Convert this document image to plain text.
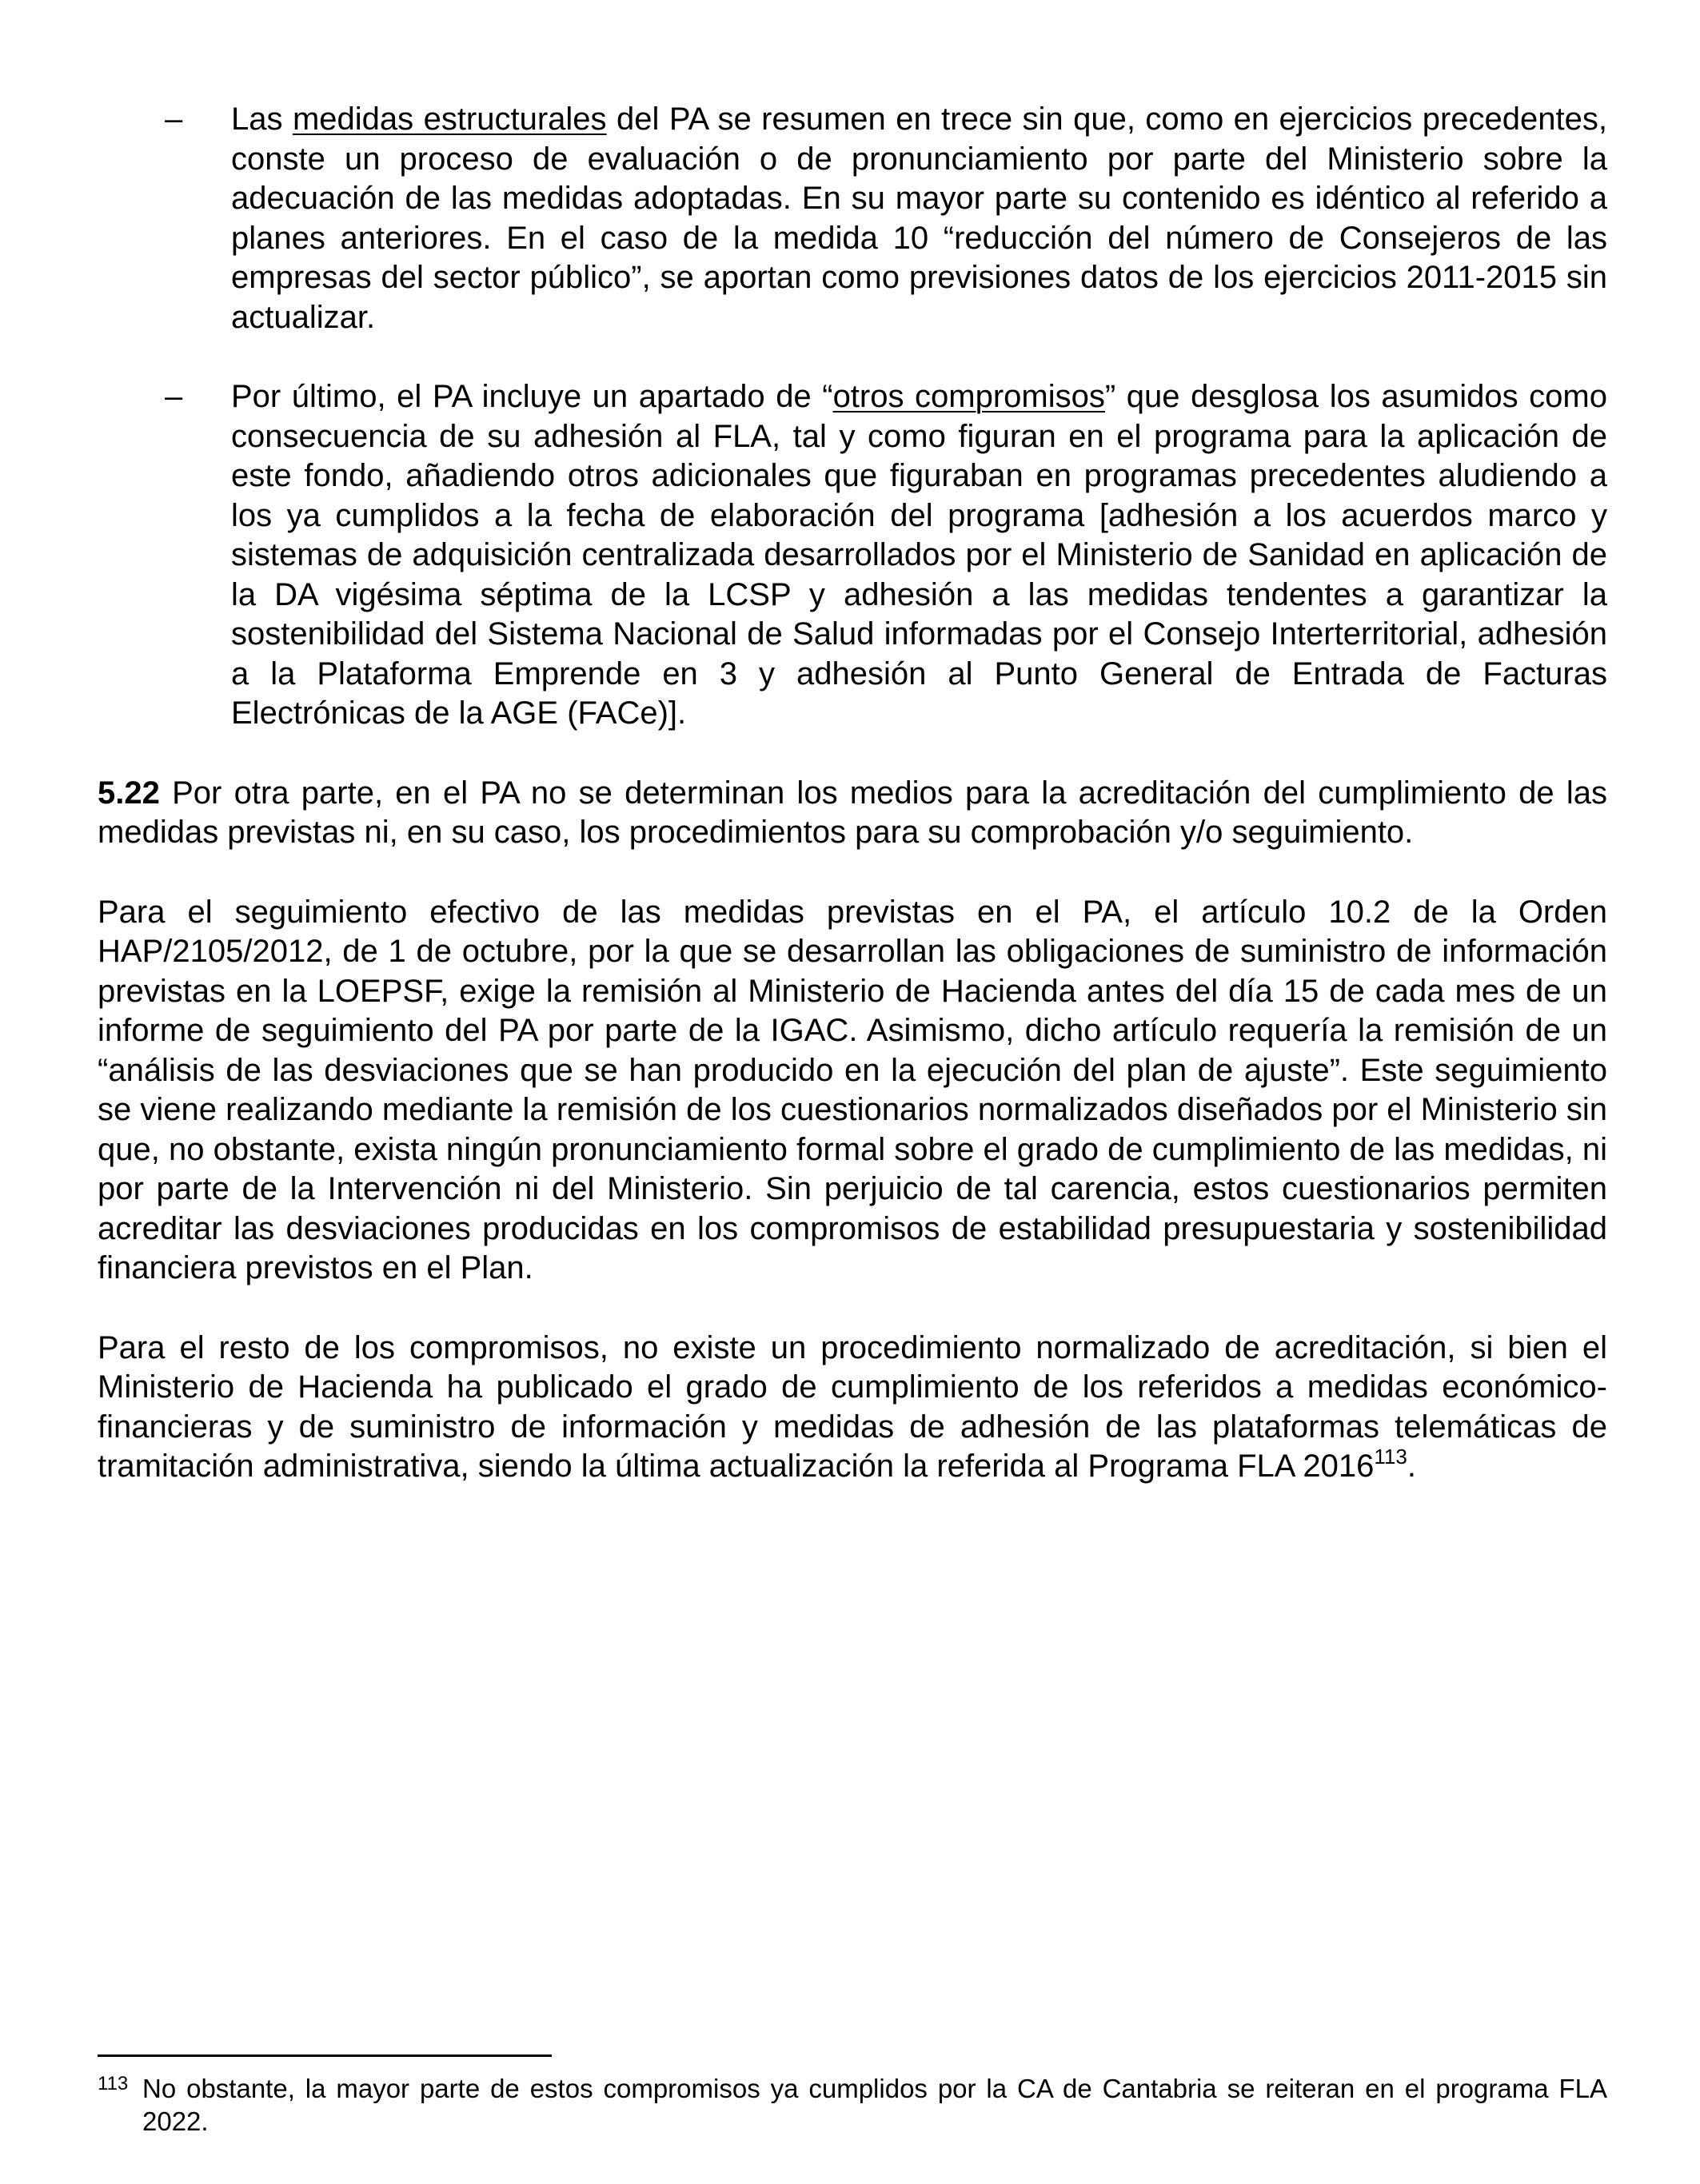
–	Las medidas estructurales del PA se resumen en trece sin que, como en ejercicios precedentes, conste un proceso de evaluación o de pronunciamiento por parte del Ministerio sobre la adecuación de las medidas adoptadas. En su mayor parte su contenido es idéntico al referido a planes anteriores. En el caso de la medida 10 “reducción del número de Consejeros de las empresas del sector público”, se aportan como previsiones datos de los ejercicios 2011-2015 sin actualizar.

–	Por último, el PA incluye un apartado de “otros compromisos” que desglosa los asumidos como consecuencia de su adhesión al FLA, tal y como figuran en el programa para la aplicación de este fondo, añadiendo otros adicionales que figuraban en programas precedentes aludiendo a los ya cumplidos a la fecha de elaboración del programa [adhesión a los acuerdos marco y sistemas de adquisición centralizada desarrollados por el Ministerio de Sanidad en aplicación de la DA vigésima séptima de la LCSP y adhesión a las medidas tendentes a garantizar la sostenibilidad del Sistema Nacional de Salud informadas por el Consejo Interterritorial, adhesión a la Plataforma Emprende en 3 y adhesión al Punto General de Entrada de Facturas Electrónicas de la AGE (FACe)].

5.22 Por otra parte, en el PA no se determinan los medios para la acreditación del cumplimiento de las medidas previstas ni, en su caso, los procedimientos para su comprobación y/o seguimiento.

Para el seguimiento efectivo de las medidas previstas en el PA, el artículo 10.2 de la Orden HAP/2105/2012, de 1 de octubre, por la que se desarrollan las obligaciones de suministro de información previstas en la LOEPSF, exige la remisión al Ministerio de Hacienda antes del día 15 de cada mes de un informe de seguimiento del PA por parte de la IGAC. Asimismo, dicho artículo requería la remisión de un “análisis de las desviaciones que se han producido en la ejecución del plan de ajuste”. Este seguimiento se viene realizando mediante la remisión de los cuestionarios normalizados diseñados por el Ministerio sin que, no obstante, exista ningún pronunciamiento formal sobre el grado de cumplimiento de las medidas, ni por parte de la Intervención ni del Ministerio. Sin perjuicio de tal carencia, estos cuestionarios permiten acreditar las desviaciones producidas en los compromisos de estabilidad presupuestaria y sostenibilidad financiera previstos en el Plan.

Para el resto de los compromisos, no existe un procedimiento normalizado de acreditación, si bien el Ministerio de Hacienda ha publicado el grado de cumplimiento de los referidos a medidas económico-financieras y de suministro de información y medidas de adhesión de las plataformas telemáticas de tramitación administrativa, siendo la última actualización la referida al Programa FLA 2016$^{113}$.

113 No obstante, la mayor parte de estos compromisos ya cumplidos por la CA de Cantabria se reiteran en el programa FLA 2022.
